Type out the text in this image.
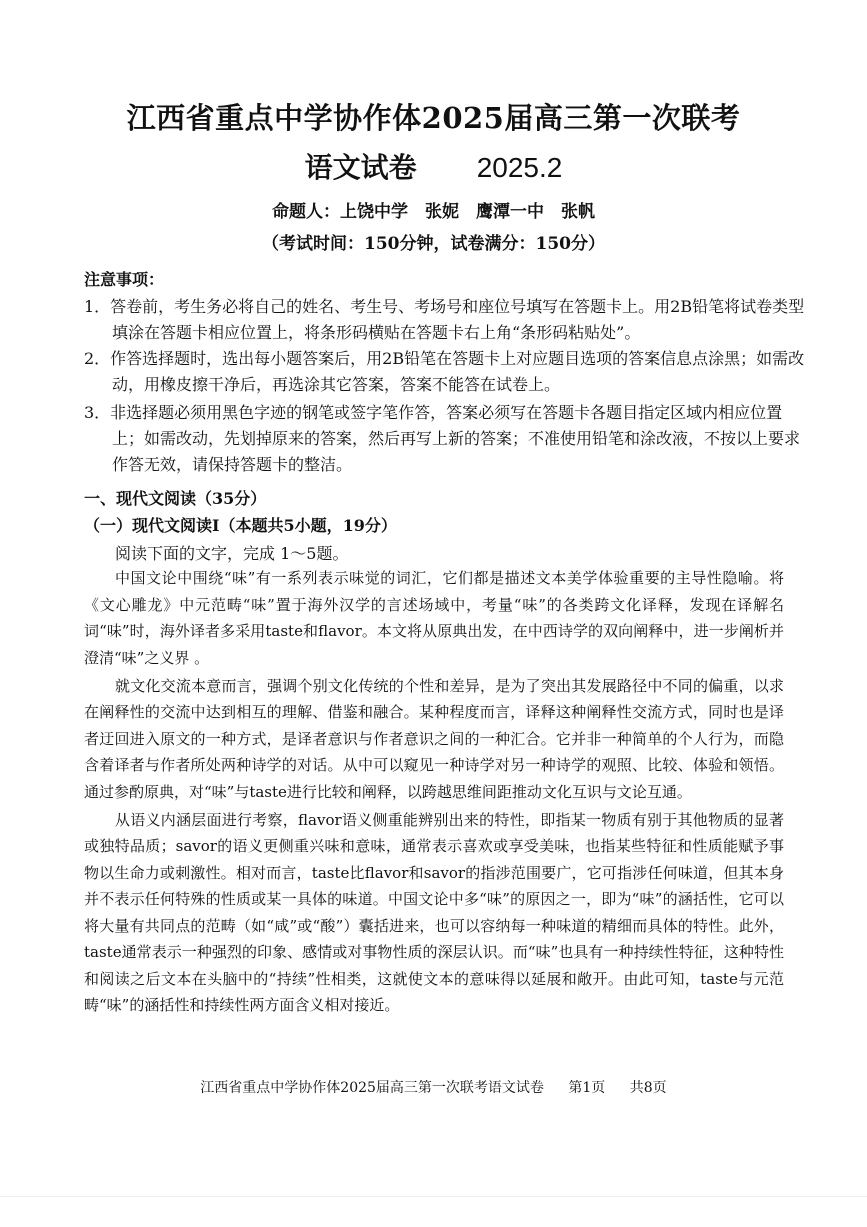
江西省重点中学协作体2025届高三第一次联考
语文试卷 2025.2
命题人：上饶中学　张妮　鹰潭一中　张帆
（考试时间：150分钟，试卷满分：150分）
注意事项：
1．答卷前，考生务必将自己的姓名、考生号、考场号和座位号填写在答题卡上。用2B铅笔将试卷类型填涂在答题卡相应位置上，将条形码横贴在答题卡右上角“条形码粘贴处”。
2．作答选择题时，选出每小题答案后，用2B铅笔在答题卡上对应题目选项的答案信息点涂黑；如需改动，用橡皮擦干净后，再选涂其它答案，答案不能答在试卷上。
3．非选择题必须用黑色字迹的钢笔或签字笔作答，答案必须写在答题卡各题目指定区域内相应位置上；如需改动，先划掉原来的答案，然后再写上新的答案；不准使用铅笔和涂改液，不按以上要求作答无效，请保持答题卡的整洁。
一、现代文阅读（35分）
（一）现代文阅读Ⅰ（本题共5小题，19分）
阅读下面的文字，完成 1～5题。

中国文论中围绕“味”有一系列表示味觉的词汇，它们都是描述文本美学体验重要的主导性隐喻。将《文心雕龙》中元范畴“味”置于海外汉学的言述场域中，考量“味”的各类跨文化译释，发现在译解名词“味”时，海外译者多采用taste和flavor。本文将从原典出发，在中西诗学的双向阐释中，进一步阐析并澄清“味”之义界 。

就文化交流本意而言，强调个别文化传统的个性和差异，是为了突出其发展路径中不同的偏重，以求在阐释性的交流中达到相互的理解、借鉴和融合。某种程度而言，译释这种阐释性交流方式，同时也是译者迂回进入原文的一种方式，是译者意识与作者意识之间的一种汇合。它并非一种简单的个人行为，而隐含着译者与作者所处两种诗学的对话。从中可以窥见一种诗学对另一种诗学的观照、比较、体验和领悟。通过参酌原典，对“味”与taste进行比较和阐释，以跨越思维间距推动文化互识与文论互通。

从语义内涵层面进行考察，flavor语义侧重能辨别出来的特性，即指某一物质有别于其他物质的显著或独特品质；savor的语义更侧重兴味和意味，通常表示喜欢或享受美味，也指某些特征和性质能赋予事物以生命力或刺激性。相对而言，taste比flavor和savor的指涉范围要广，它可指涉任何味道，但其本身并不表示任何特殊的性质或某一具体的味道。中国文论中多“味”的原因之一，即为“味”的涵括性，它可以将大量有共同点的范畴（如“咸”或“酸”）囊括进来，也可以容纳每一种味道的精细而具体的特性。此外，taste通常表示一种强烈的印象、感情或对事物性质的深层认识。而“味”也具有一种持续性特征，这种特性和阅读之后文本在头脑中的“持续”性相类，这就使文本的意味得以延展和敞开。由此可知，taste与元范畴“味”的涵括性和持续性两方面含义相对接近。

江西省重点中学协作体2025届高三第一次联考语文试卷 第1页 共8页
